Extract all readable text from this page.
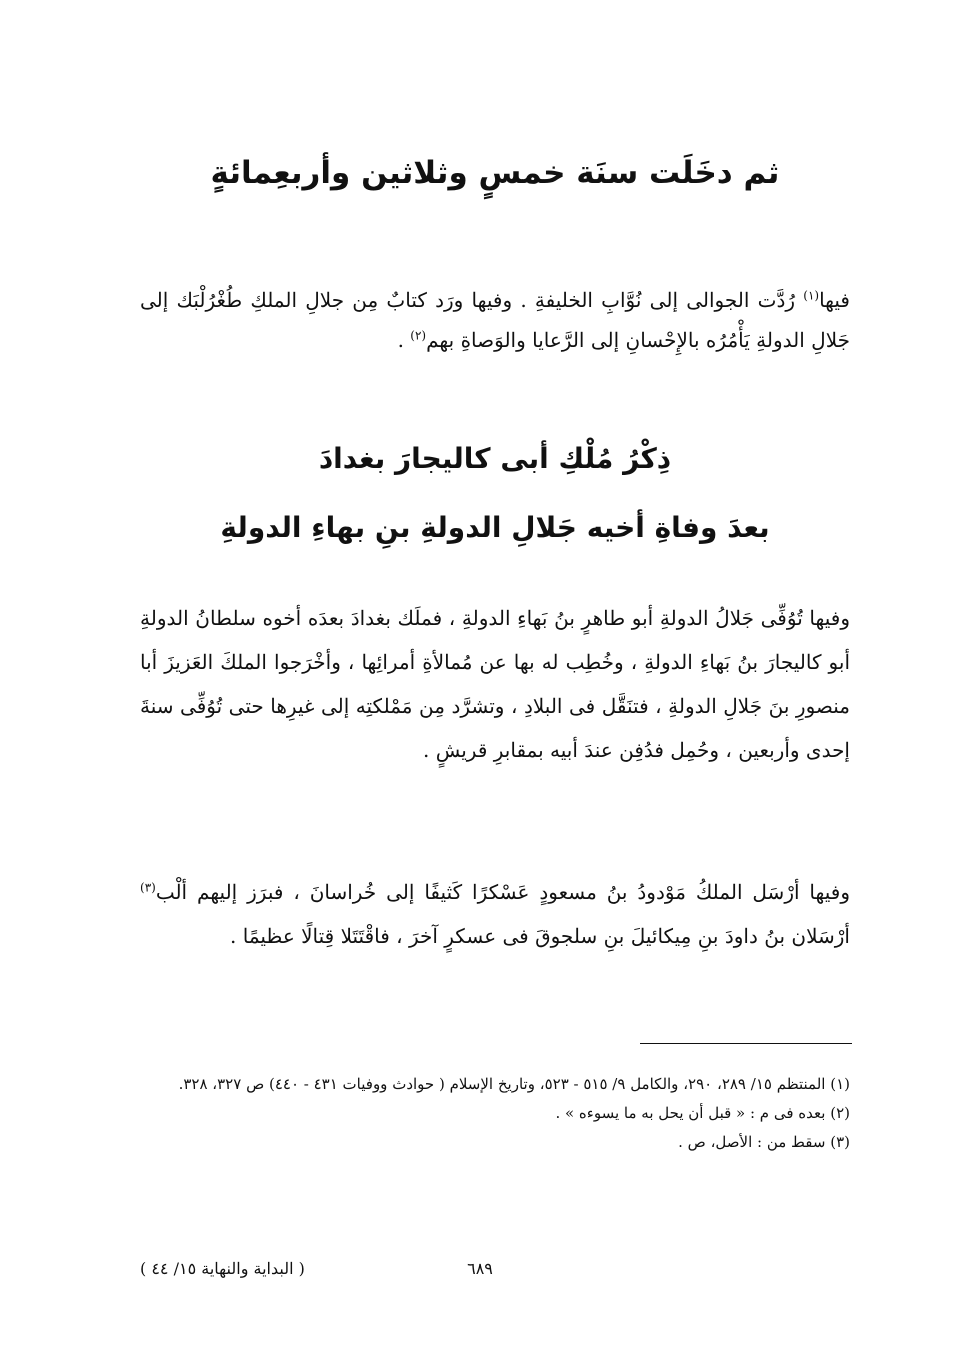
ثم دخَلَت سنَة خمسٍ وثلاثين وأربعِمائةٍ

فيها$^{(١)}$ رُدَّت الجوالى إلى نُوَّابِ الخليفةِ . وفيها ورَد كتابٌ مِن جلالِ الملكِ طُغْرُلْبَك إلى جَلالِ الدولةِ يَأْمُرُه بالإِحْسانِ إلى الرَّعايا والوَصاةِ بهم$^{(٢)}$ .

ذِكْرُ مُلْكِ أبى كاليجارَ بغدادَ
بعدَ وفاةِ أخيه جَلالِ الدولةِ بنِ بهاءِ الدولةِ

وفيها تُوُفِّى جَلالُ الدولةِ أبو طاهرٍ بنُ بَهاءِ الدولةِ ، فملَك بغدادَ بعدَه أخوه سلطانُ الدولةِ أبو كاليجارَ بنُ بَهاءِ الدولةِ ، وخُطِب له بها عن مُمالأةِ أمرائِها ، وأخْرَجوا الملكَ العَزيزَ أبا منصورِ بنَ جَلالِ الدولةِ ، فتنَقَّل فى البلادِ ، وتشرَّد مِن مَمْلكتِه إلى غيرِها حتى تُوُفِّى سنةَ إحدى وأربعين ، وحُمِل فدُفِن عندَ أبيه بمقابرِ قريشٍ .

وفيها أرْسَل الملكُ مَوْدودُ بنُ مسعودٍ عَسْكرًا كَثيفًا إلى خُراسانَ ، فبرَز إليهم ألْب$^{(٣)}$ أرْسَلان بنُ داودَ بنِ مِيكائيلَ بنِ سلجوقَ فى عسكرٍ آخرَ ، فاقْتَتَلا قِتالًا عظيمًا .

(١) المنتظم ١٥/ ٢٨٩، ٢٩٠، والكامل ٩/ ٥١٥ - ٥٢٣، وتاريخ الإسلام ( حوادث ووفيات ٤٣١ - ٤٤٠) ص ٣٢٧، ٣٢٨.
(٢) بعده فى م : « قبل أن يحل به ما يسوءه » .
(٣) سقط من : الأصل، ص .
٦٨٩
( البداية والنهاية ١٥/ ٤٤ )
